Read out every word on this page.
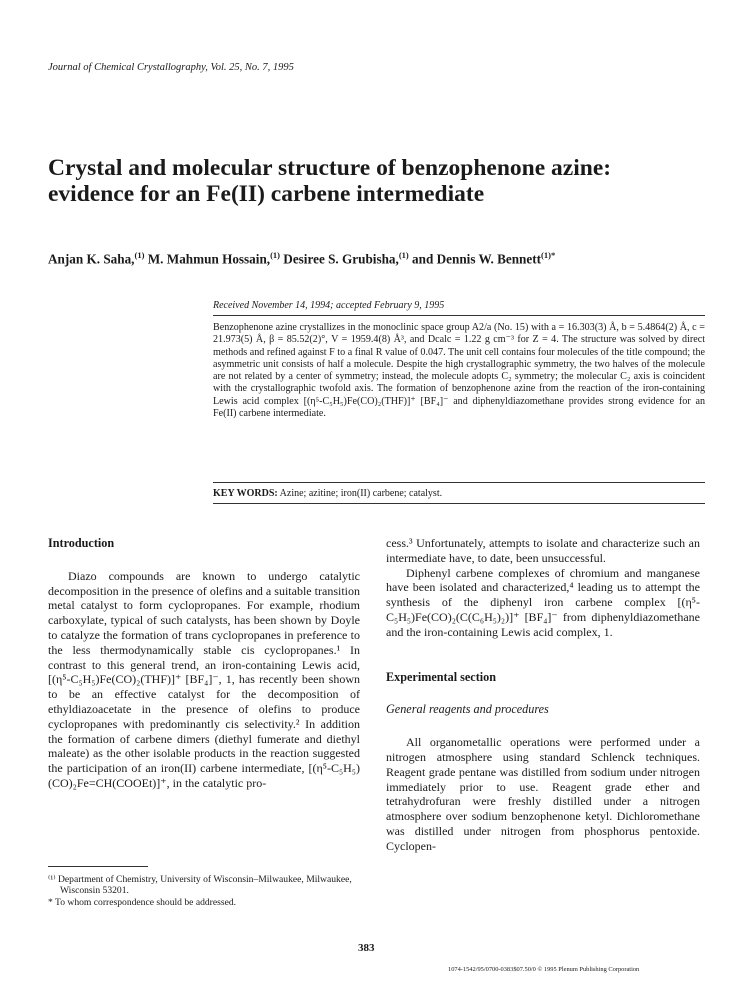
Journal of Chemical Crystallography, Vol. 25, No. 7, 1995
Crystal and molecular structure of benzophenone azine:
evidence for an Fe(II) carbene intermediate
Anjan K. Saha,$^{(1)}$ M. Mahmun Hossain,$^{(1)}$ Desiree S. Grubisha,$^{(1)}$ and Dennis W. Bennett$^{(1)*}$
Received November 14, 1994; accepted February 9, 1995
Benzophenone azine crystallizes in the monoclinic space group A2/a (No. 15) with a = 16.303(3) Å, b = 5.4864(2) Å, c = 21.973(5) Å, β = 85.52(2)°, V = 1959.4(8) Å³, and Dcalc = 1.22 g cm⁻³ for Z = 4. The structure was solved by direct methods and refined against F to a final R value of 0.047. The unit cell contains four molecules of the title compound; the asymmetric unit consists of half a molecule. Despite the high crystallographic symmetry, the two halves of the molecule are not related by a center of symmetry; instead, the molecule adopts C₂ symmetry; the molecular C₂ axis is coincident with the crystallographic twofold axis. The formation of benzophenone azine from the reaction of the iron-containing Lewis acid complex [(η⁵-C₅H₅)Fe(CO)₂(THF)]⁺ [BF₄]⁻ and diphenyldiazomethane provides strong evidence for an Fe(II) carbene intermediate.
KEY WORDS: Azine; azitine; iron(II) carbene; catalyst.
Introduction

Diazo compounds are known to undergo catalytic decomposition in the presence of olefins and a suitable transition metal catalyst to form cyclopropanes. For example, rhodium carboxylate, typical of such catalysts, has been shown by Doyle to catalyze the formation of trans cyclopropanes in preference to the less thermodynamically stable cis cyclopropanes.¹ In contrast to this general trend, an iron-containing Lewis acid, [(η⁵-C₅H₅)Fe(CO)₂(THF)]⁺ [BF₄]⁻, 1, has recently been shown to be an effective catalyst for the decomposition of ethyldiazoacetate in the presence of olefins to produce cyclopropanes with predominantly cis selectivity.² In addition the formation of carbene dimers (diethyl fumerate and diethyl maleate) as the other isolable products in the reaction suggested the participation of an iron(II) carbene intermediate, [(η⁵-C₅H₅)(CO)₂Fe=CH(COOEt)]⁺, in the catalytic pro-

cess.³ Unfortunately, attempts to isolate and characterize such an intermediate have, to date, been unsuccessful.

Diphenyl carbene complexes of chromium and manganese have been isolated and characterized,⁴ leading us to attempt the synthesis of the diphenyl iron carbene complex [(η⁵-C₅H₅)Fe(CO)₂(C(C₆H₅)₂)]⁺ [BF₄]⁻ from diphenyldiazomethane and the iron-containing Lewis acid complex, 1.

Experimental section
General reagents and procedures

All organometallic operations were performed under a nitrogen atmosphere using standard Schlenck techniques. Reagent grade pentane was distilled from sodium under nitrogen immediately prior to use. Reagent grade ether and tetrahydrofuran were freshly distilled under a nitrogen atmosphere over sodium benzophenone ketyl. Dichloromethane was distilled under nitrogen from phosphorus pentoxide. Cyclopen-

⁽¹⁾ Department of Chemistry, University of Wisconsin–Milwaukee, Milwaukee, Wisconsin 53201.

* To whom correspondence should be addressed.

383
1074-1542/95/0700-0383$07.50/0 © 1995 Plenum Publishing Corporation
